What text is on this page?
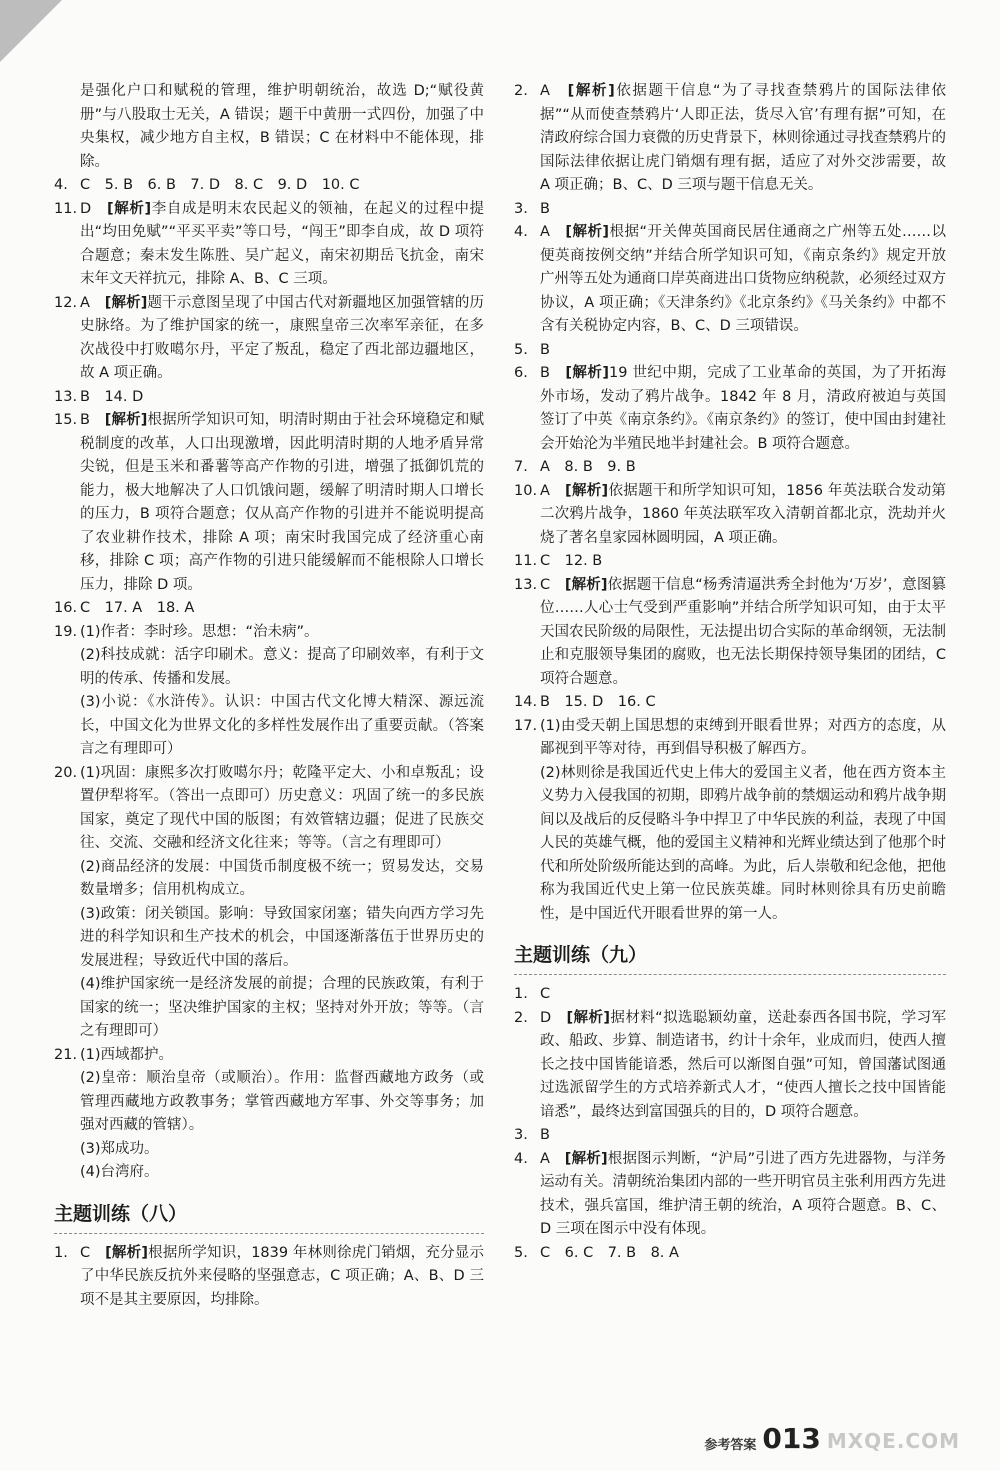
是强化户口和赋税的管理，维护明朝统治，故选 D;“赋役黄册”与八股取士无关，A 错误；题干中黄册一式四份，加强了中央集权，减少地方自主权，B 错误；C 在材料中不能体现，排除。
4. C　5. B　6. B　7. D　8. C　9. D　10. C
11. D　[解析]李自成是明末农民起义的领袖，在起义的过程中提出“均田免赋”“平买平卖”等口号，“闯王”即李自成，故 D 项符合题意；秦末发生陈胜、吴广起义，南宋初期岳飞抗金，南宋末年文天祥抗元，排除 A、B、C 三项。
12. A　[解析]题干示意图呈现了中国古代对新疆地区加强管辖的历史脉络。为了维护国家的统一，康熙皇帝三次率军亲征，在多次战役中打败噶尔丹，平定了叛乱，稳定了西北部边疆地区，故 A 项正确。
13. B　14. D
15. B　[解析]根据所学知识可知，明清时期由于社会环境稳定和赋税制度的改革，人口出现激增，因此明清时期的人地矛盾异常尖锐，但是玉米和番薯等高产作物的引进，增强了抵御饥荒的能力，极大地解决了人口饥饿问题，缓解了明清时期人口增长的压力，B 项符合题意；仅从高产作物的引进并不能说明提高了农业耕作技术，排除 A 项；南宋时我国完成了经济重心南移，排除 C 项；高产作物的引进只能缓解而不能根除人口增长压力，排除 D 项。
16. C　17. A　18. A
19. (1)作者：李时珍。思想：“治未病”。
(2)科技成就：活字印刷术。意义：提高了印刷效率，有利于文明的传承、传播和发展。
(3)小说：《水浒传》。认识：中国古代文化博大精深、源远流长，中国文化为世界文化的多样性发展作出了重要贡献。（答案言之有理即可）
20. (1)巩固：康熙多次打败噶尔丹；乾隆平定大、小和卓叛乱；设置伊犁将军。（答出一点即可）历史意义：巩固了统一的多民族国家，奠定了现代中国的版图；有效管辖边疆；促进了民族交往、交流、交融和经济文化往来；等等。（言之有理即可）
(2)商品经济的发展：中国货币制度极不统一；贸易发达，交易数量增多；信用机构成立。
(3)政策：闭关锁国。影响：导致国家闭塞；错失向西方学习先进的科学知识和生产技术的机会，中国逐渐落伍于世界历史的发展进程；导致近代中国的落后。
(4)维护国家统一是经济发展的前提；合理的民族政策，有利于国家的统一；坚决维护国家的主权；坚持对外开放；等等。（言之有理即可）
21. (1)西域都护。
(2)皇帝：顺治皇帝（或顺治）。作用：监督西藏地方政务（或管理西藏地方政教事务；掌管西藏地方军事、外交等事务；加强对西藏的管辖）。
(3)郑成功。
(4)台湾府。
主题训练（八）
1. C　[解析]根据所学知识，1839 年林则徐虎门销烟，充分显示了中华民族反抗外来侵略的坚强意志，C 项正确；A、B、D 三项不是其主要原因，均排除。
2. A　[解析]依据题干信息“为了寻找查禁鸦片的国际法律依据”“从而使查禁鸦片‘人即正法，货尽入官’有理有据”可知，在清政府综合国力衰微的历史背景下，林则徐通过寻找查禁鸦片的国际法律依据让虎门销烟有理有据，适应了对外交涉需要，故 A 项正确；B、C、D 三项与题干信息无关。
3. B
4. A　[解析]根据“开关俾英国商民居住通商之广州等五处……以便英商按例交纳”并结合所学知识可知，《南京条约》规定开放广州等五处为通商口岸英商进出口货物应纳税款，必须经过双方协议，A 项正确；《天津条约》《北京条约》《马关条约》中都不含有关税协定内容，B、C、D 三项错误。
5. B
6. B　[解析]19 世纪中期，完成了工业革命的英国，为了开拓海外市场，发动了鸦片战争。1842 年 8 月，清政府被迫与英国签订了中英《南京条约》。《南京条约》的签订，使中国由封建社会开始沦为半殖民地半封建社会。B 项符合题意。
7. A　8. B　9. B
10. A　[解析]依据题干和所学知识可知，1856 年英法联合发动第二次鸦片战争，1860 年英法联军攻入清朝首都北京，洗劫并火烧了著名皇家园林圆明园，A 项正确。
11. C　12. B
13. C　[解析]依据题干信息“杨秀清逼洪秀全封他为‘万岁’，意图篡位……人心士气受到严重影响”并结合所学知识可知，由于太平天国农民阶级的局限性，无法提出切合实际的革命纲领，无法制止和克服领导集团的腐败，也无法长期保持领导集团的团结，C 项符合题意。
14. B　15. D　16. C
17. (1)由受天朝上国思想的束缚到开眼看世界；对西方的态度，从鄙视到平等对待，再到倡导积极了解西方。
(2)林则徐是我国近代史上伟大的爱国主义者，他在西方资本主义势力入侵我国的初期，即鸦片战争前的禁烟运动和鸦片战争期间以及战后的反侵略斗争中捍卫了中华民族的利益，表现了中国人民的英雄气概，他的爱国主义精神和光辉业绩达到了他那个时代和所处阶级所能达到的高峰。为此，后人崇敬和纪念他，把他称为我国近代史上第一位民族英雄。同时林则徐具有历史前瞻性，是中国近代开眼看世界的第一人。
主题训练（九）
1. C
2. D　[解析]据材料“拟选聪颖幼童，送赴泰西各国书院，学习军政、船政、步算、制造诸书，约计十余年，业成而归，使西人擅长之技中国皆能谙悉，然后可以渐图自强”可知，曾国藩试图通过选派留学生的方式培养新式人才，“使西人擅长之技中国皆能谙悉”，最终达到富国强兵的目的，D 项符合题意。
3. B
4. A　[解析]根据图示判断，“沪局”引进了西方先进器物，与洋务运动有关。清朝统治集团内部的一些开明官员主张利用西方先进技术，强兵富国，维护清王朝的统治，A 项符合题意。B、C、D 三项在图示中没有体现。
5. C　6. C　7. B　8. A
参考答案 013 MXQE.COM
